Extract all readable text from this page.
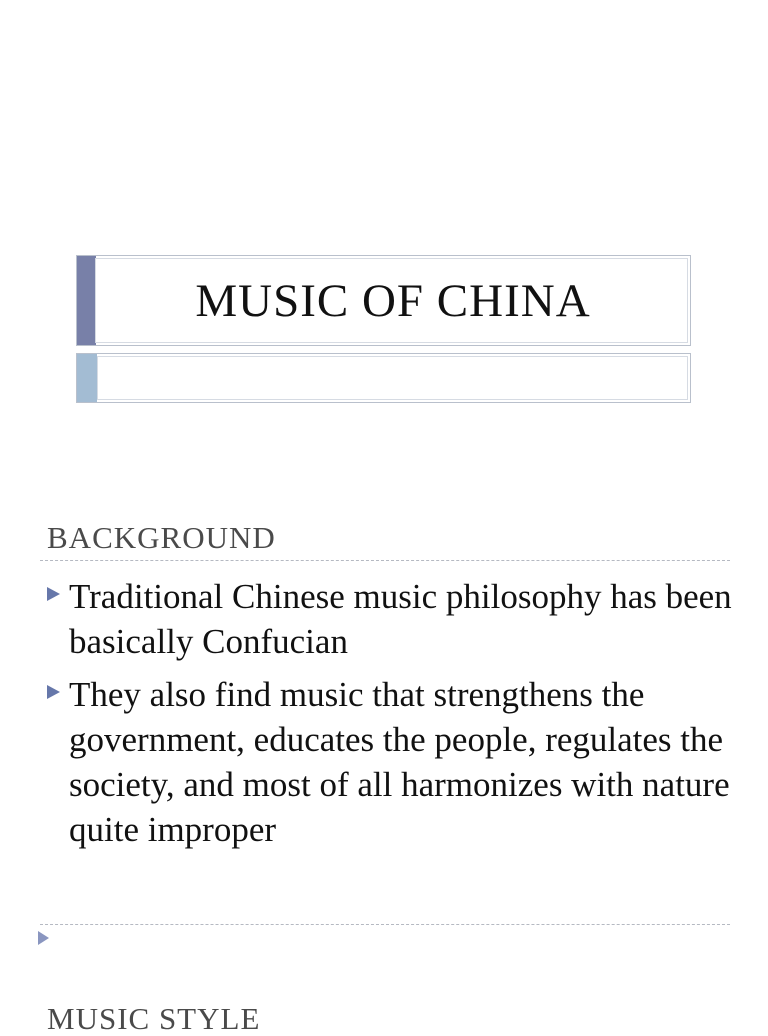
MUSIC OF CHINA
BACKGROUND
Traditional Chinese music philosophy has been basically Confucian
They also find music that strengthens the government, educates the people, regulates the society, and most of all harmonizes with nature quite improper
MUSIC STYLE
